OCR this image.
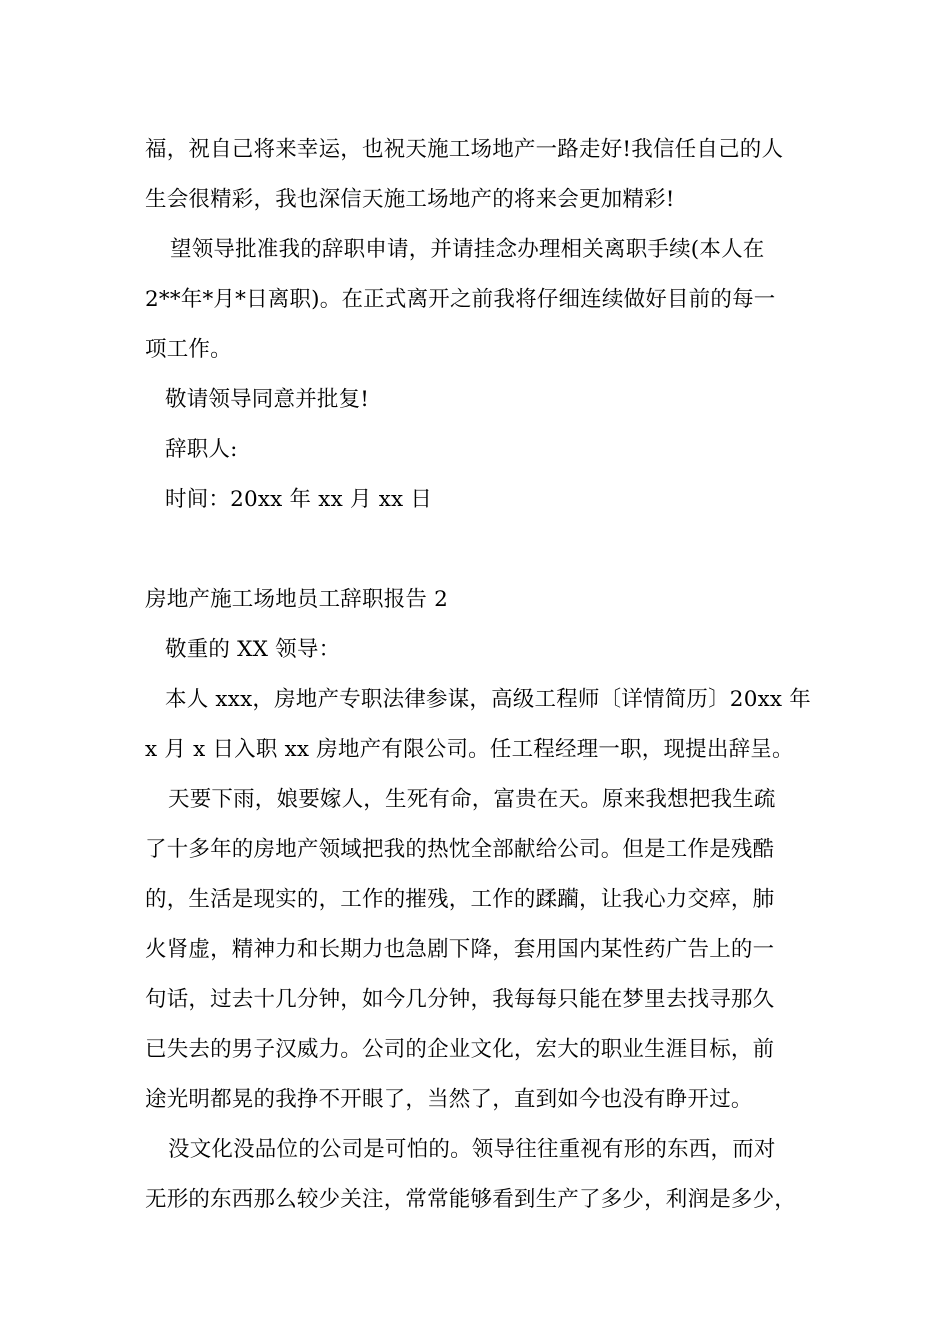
福，祝自己将来幸运，也祝天施工场地产一路走好!我信任自己的人
生会很精彩，我也深信天施工场地产的将来会更加精彩!
望领导批准我的辞职申请，并请挂念办理相关离职手续(本人在
2**年*月*日离职)。在正式离开之前我将仔细连续做好目前的每一
项工作。
敬请领导同意并批复!
辞职人:
时间：20xx 年 xx 月 xx 日
房地产施工场地员工辞职报告 2
敬重的 XX 领导：
本人 xxx，房地产专职法律参谋，高级工程师〔详情简历〕20xx 年
x 月 x 日入职 xx 房地产有限公司。任工程经理一职，现提出辞呈。
天要下雨，娘要嫁人，生死有命，富贵在天。原来我想把我生疏
了十多年的房地产领域把我的热忱全部献给公司。但是工作是残酷
的，生活是现实的，工作的摧残，工作的蹂躏，让我心力交瘁，肺
火肾虚，精神力和长期力也急剧下降，套用国内某性药广告上的一
句话，过去十几分钟，如今几分钟，我每每只能在梦里去找寻那久
已失去的男子汉威力。公司的企业文化，宏大的职业生涯目标，前
途光明都晃的我挣不开眼了，当然了，直到如今也没有睁开过。
没文化没品位的公司是可怕的。领导往往重视有形的东西，而对
无形的东西那么较少关注，常常能够看到生产了多少，利润是多少，
